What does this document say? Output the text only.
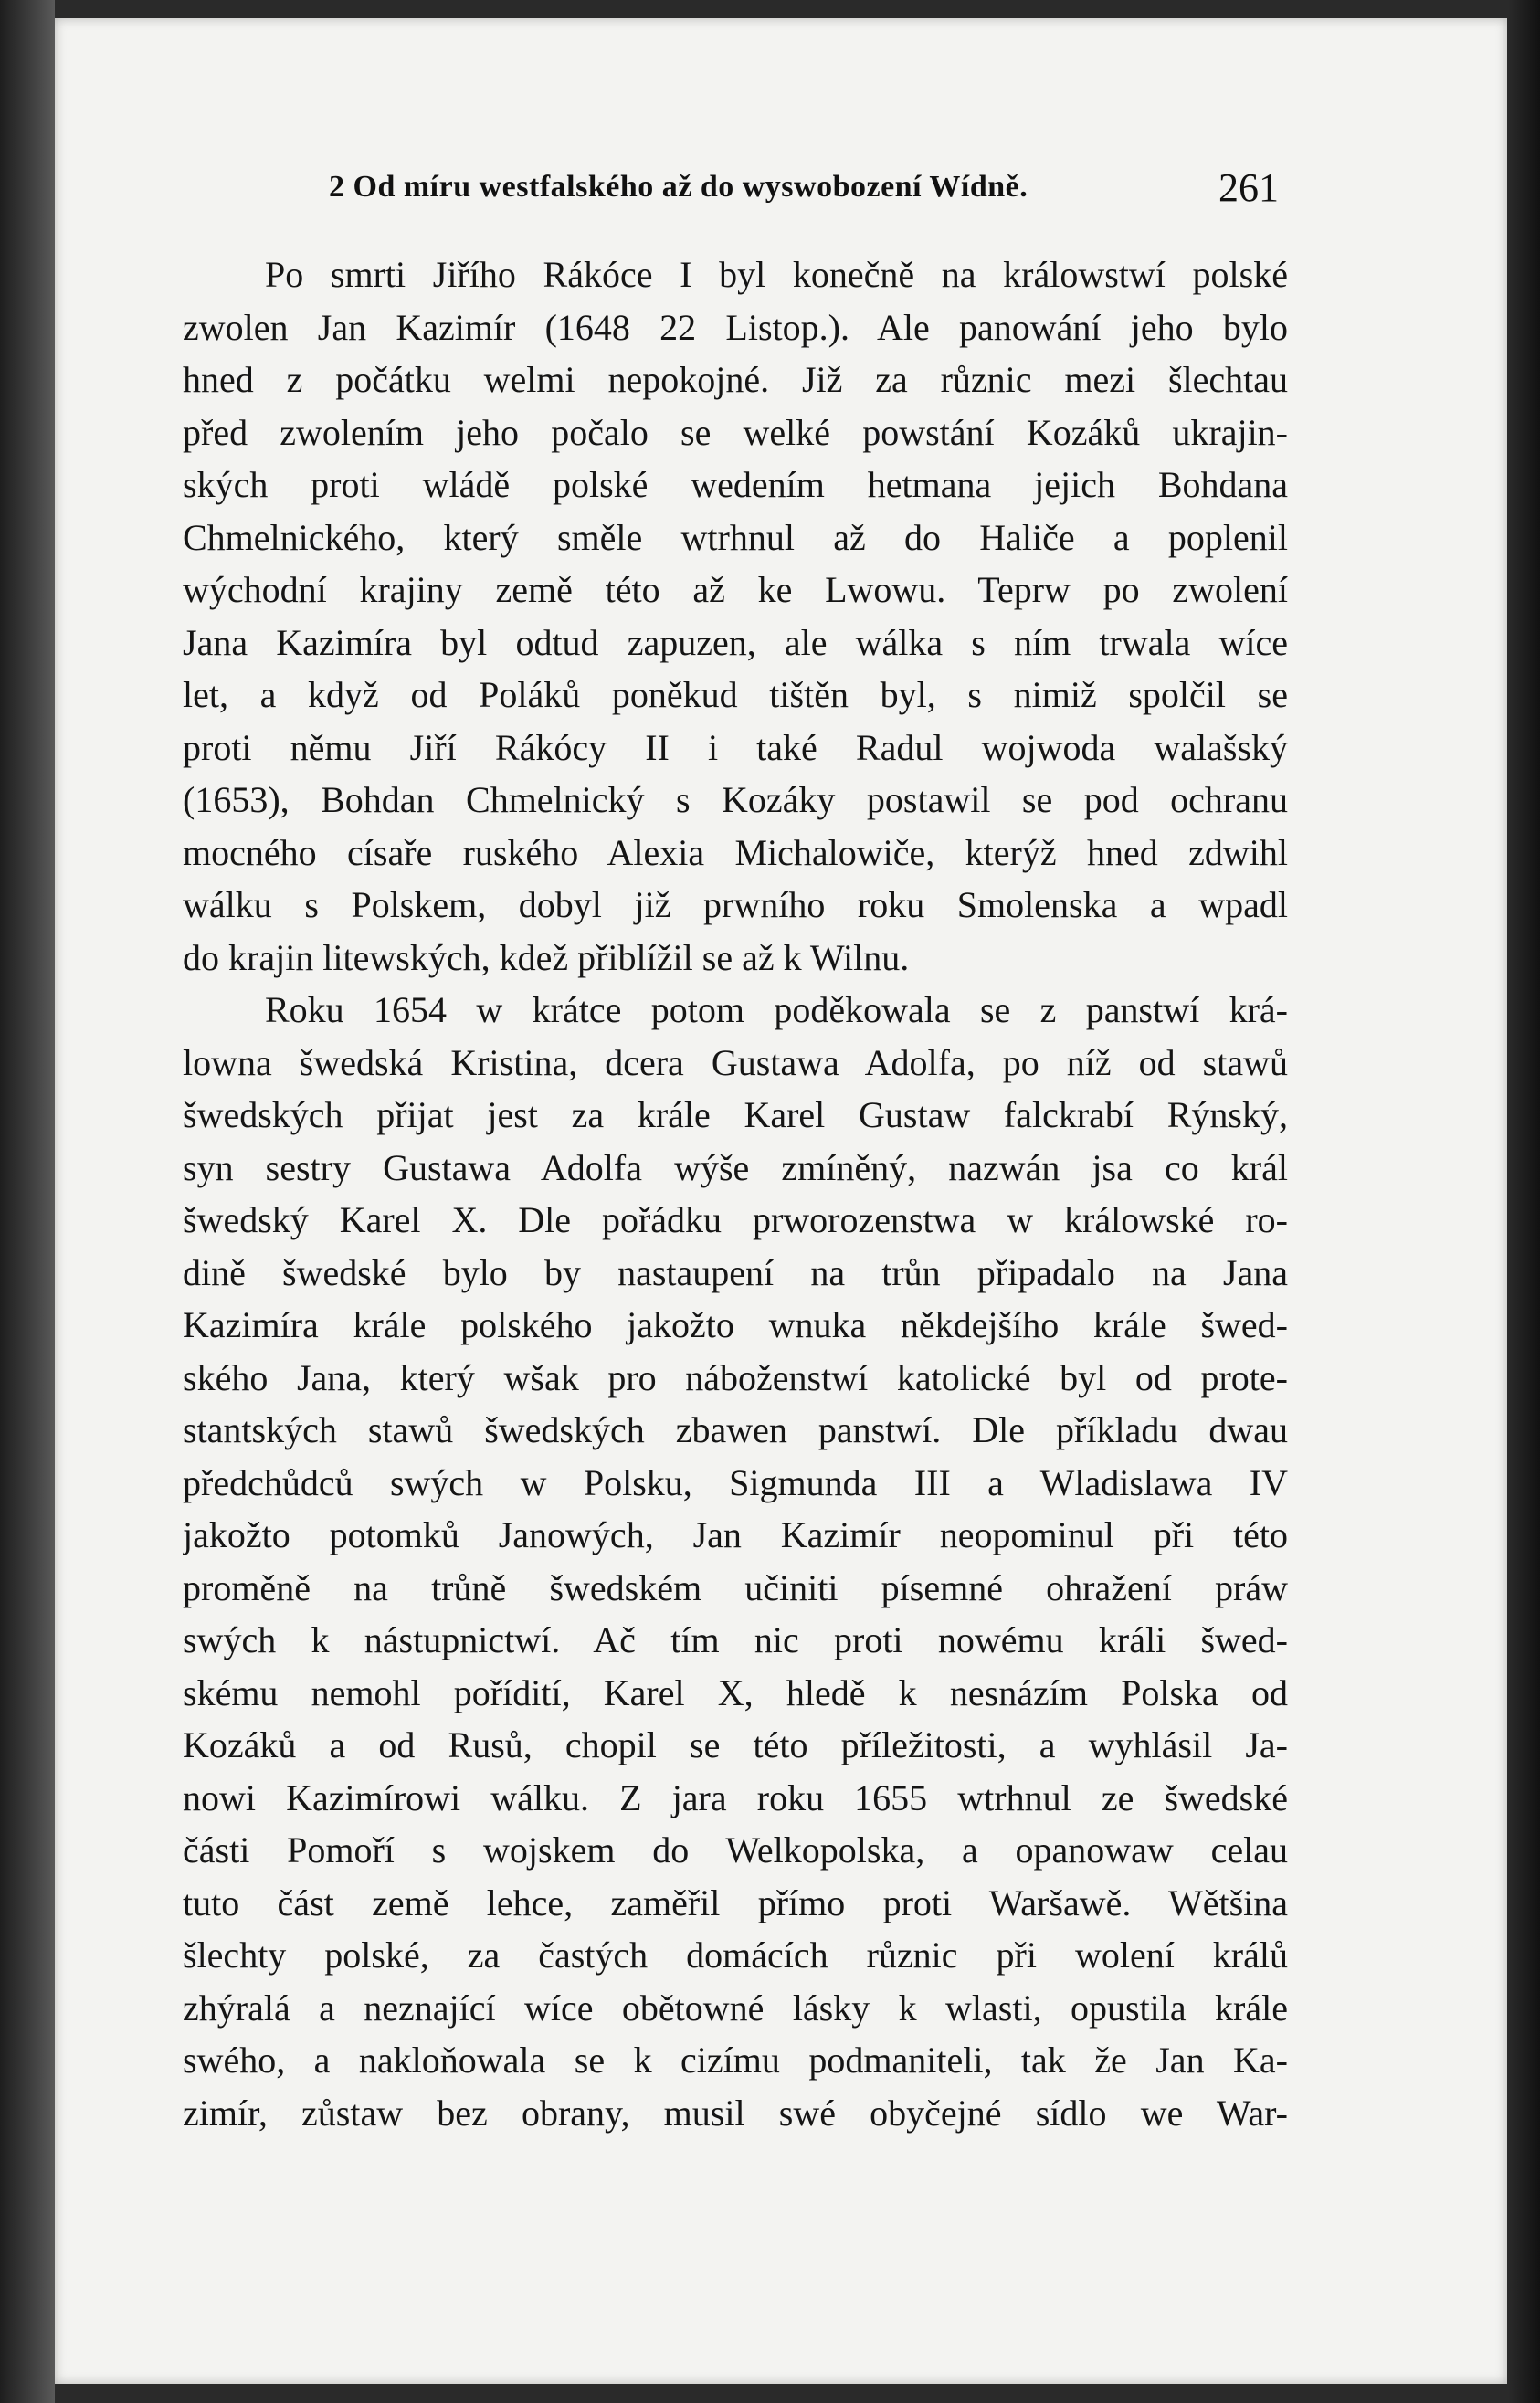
2 Od míru westfalského až do wyswobození Wídně.	261
Po smrti Jiřího Rákóce I byl konečně na králowstwí polské
zwolen Jan Kazimír (1648 22 Listop.). Ale panowání jeho bylo
hned z počátku welmi nepokojné. Již za různic mezi šlechtau
před zwolením jeho počalo se welké powstání Kozáků ukrajin-
ských proti wládě polské wedením hetmana jejich Bohdana
Chmelnického, který směle wtrhnul až do Haliče a poplenil
wýchodní krajiny země této až ke Lwowu. Teprw po zwolení
Jana Kazimíra byl odtud zapuzen, ale wálka s ním trwala wíce
let, a když od Poláků poněkud tištěn byl, s nimiž spolčil se
proti němu Jiří Rákócy II i také Radul wojwoda walašský
(1653), Bohdan Chmelnický s Kozáky postawil se pod ochranu
mocného císaře ruského Alexia Michalowiče, kterýž hned zdwihl
wálku s Polskem, dobyl již prwního roku Smolenska a wpadl
do krajin litewských, kdež přiblížil se až k Wilnu.
Roku 1654 w krátce potom poděkowala se z panstwí krá-
lowna šwedská Kristina, dcera Gustawa Adolfa, po níž od stawů
šwedských přijat jest za krále Karel Gustaw falckrabí Rýnský,
syn sestry Gustawa Adolfa wýše zmíněný, nazwán jsa co král
šwedský Karel X. Dle pořádku prworozenstwa w králowské ro-
dině šwedské bylo by nastaupení na trůn připadalo na Jana
Kazimíra krále polského jakožto wnuka někdejšího krále šwed-
ského Jana, který wšak pro náboženstwí katolické byl od prote-
stantských stawů šwedských zbawen panstwí. Dle příkladu dwau
předchůdců swých w Polsku, Sigmunda III a Wladislawa IV
jakožto potomků Janowých, Jan Kazimír neopominul při této
proměně na trůně šwedském učiniti písemné ohražení práw
swých k nástupnictwí. Ač tím nic proti nowému králi šwed-
skému nemohl pořídití, Karel X, hledě k nesnázím Polska od
Kozáků a od Rusů, chopil se této příležitosti, a wyhlásil Ja-
nowi Kazimírowi wálku. Z jara roku 1655 wtrhnul ze šwedské
části Pomoří s wojskem do Welkopolska, a opanowaw celau
tuto část země lehce, zaměřil přímo proti Waršawě. Wětšina
šlechty polské, za častých domácích různic při wolení králů
zhýralá a neznající wíce obětowné lásky k wlasti, opustila krále
swého, a nakloňowala se k cizímu podmaniteli, tak že Jan Ka-
zimír, zůstaw bez obrany, musil swé obyčejné sídlo we War-
